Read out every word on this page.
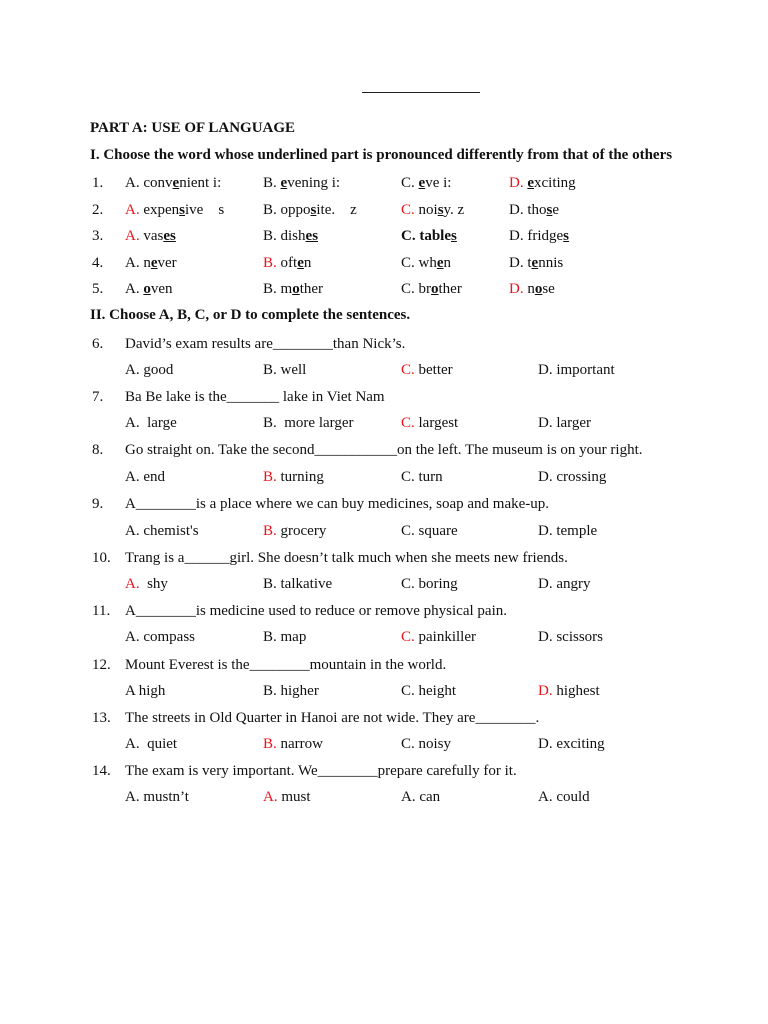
PART A: USE OF LANGUAGE
I. Choose the word whose underlined part is pronounced differently from that of the others
1. A. convenient i:	B. evening i:	C. eve i:	D. exciting
2. A. expensive    s	B. opposite.    z	C. noisy. z	D. those
3. A. vases	B. dishes	C. tables	D. fridges
4. A. never	B. often	C. when	D. tennis
5. A. oven	B. mother	C. brother	D. nose
II. Choose A, B, C, or D to complete the sentences.
6. David’s exam results are________than Nick’s.
A. good	B. well	C. better	D. important
7. Ba Be lake is the_______ lake in Viet Nam
A.  large	B.  more larger	C. largest	D. larger
8. Go straight on. Take the second___________on the left. The museum is on your right.
A. end	B. turning	C. turn	D. crossing
9. A________is a place where we can buy medicines, soap and make-up.
A. chemist's	B. grocery	C. square	D. temple
10. Trang is a______girl. She doesn’t talk much when she meets new friends.
A.  shy	B. talkative	C. boring	D. angry
11. A________is medicine used to reduce or remove physical pain.
A. compass	B. map	C. painkiller	D. scissors
12. Mount Everest is the________mountain in the world.
A high	B. higher	C. height	D. highest
13. The streets in Old Quarter in Hanoi are not wide. They are________.
A.  quiet	B. narrow	C. noisy	D. exciting
14. The exam is very important. We________prepare carefully for it.
A. mustn’t	A. must	A. can	A. could
